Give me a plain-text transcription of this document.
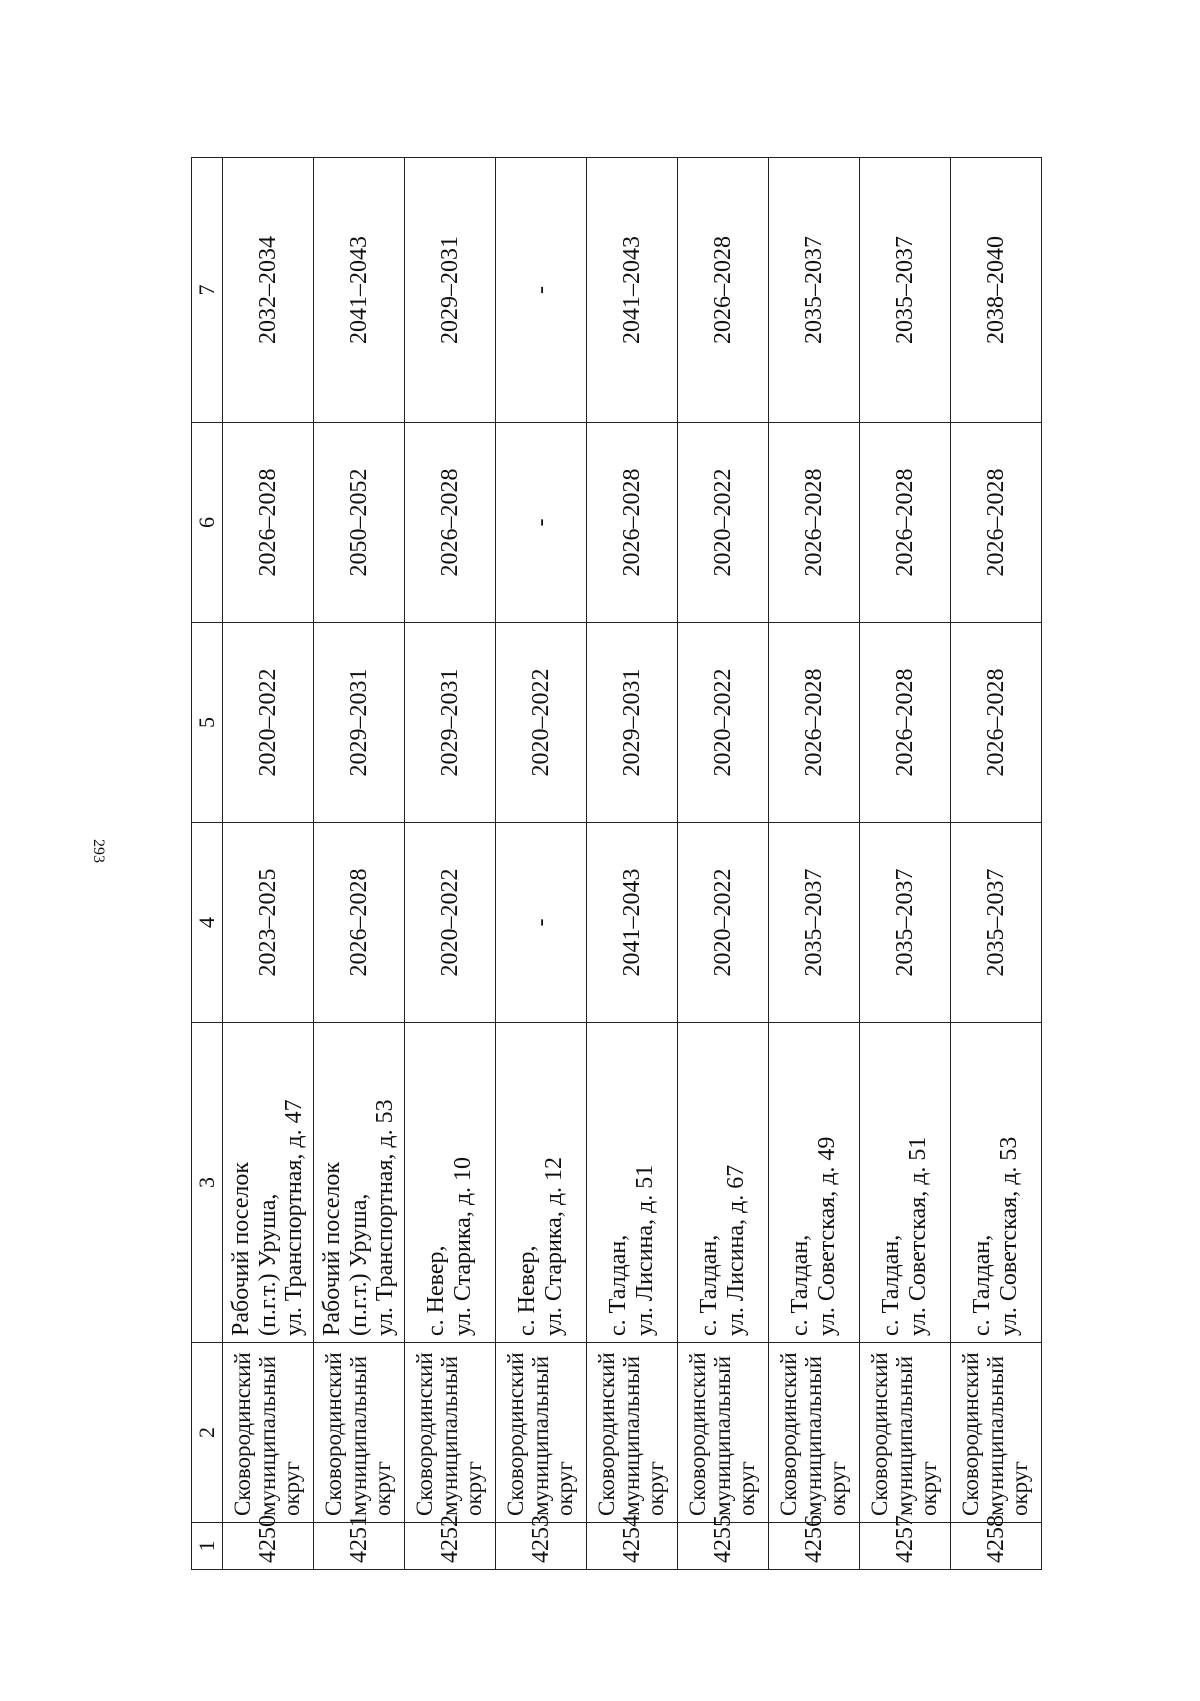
293
1	2	3	4	5	6	7
4250	Сковородинский муниципальный округ	Рабочий поселок (п.г.т.) Уруша, ул. Транспортная, д. 47	2023–2025	2020–2022	2026–2028	2032–2034
4251	Сковородинский муниципальный округ	Рабочий поселок (п.г.т.) Уруша, ул. Транспортная, д. 53	2026–2028	2029–2031	2050–2052	2041–2043
4252	Сковородинский муниципальный округ	с. Невер, ул. Старика, д. 10	2020–2022	2029–2031	2026–2028	2029–2031
4253	Сковородинский муниципальный округ	с. Невер, ул. Старика, д. 12	-	2020–2022	-	-
4254	Сковородинский муниципальный округ	с. Талдан, ул. Лисина, д. 51	2041–2043	2029–2031	2026–2028	2041–2043
4255	Сковородинский муниципальный округ	с. Талдан, ул. Лисина, д. 67	2020–2022	2020–2022	2020–2022	2026–2028
4256	Сковородинский муниципальный округ	с. Талдан, ул. Советская, д. 49	2035–2037	2026–2028	2026–2028	2035–2037
4257	Сковородинский муниципальный округ	с. Талдан, ул. Советская, д. 51	2035–2037	2026–2028	2026–2028	2035–2037
4258	Сковородинский муниципальный округ	с. Талдан, ул. Советская, д. 53	2035–2037	2026–2028	2026–2028	2038–2040
